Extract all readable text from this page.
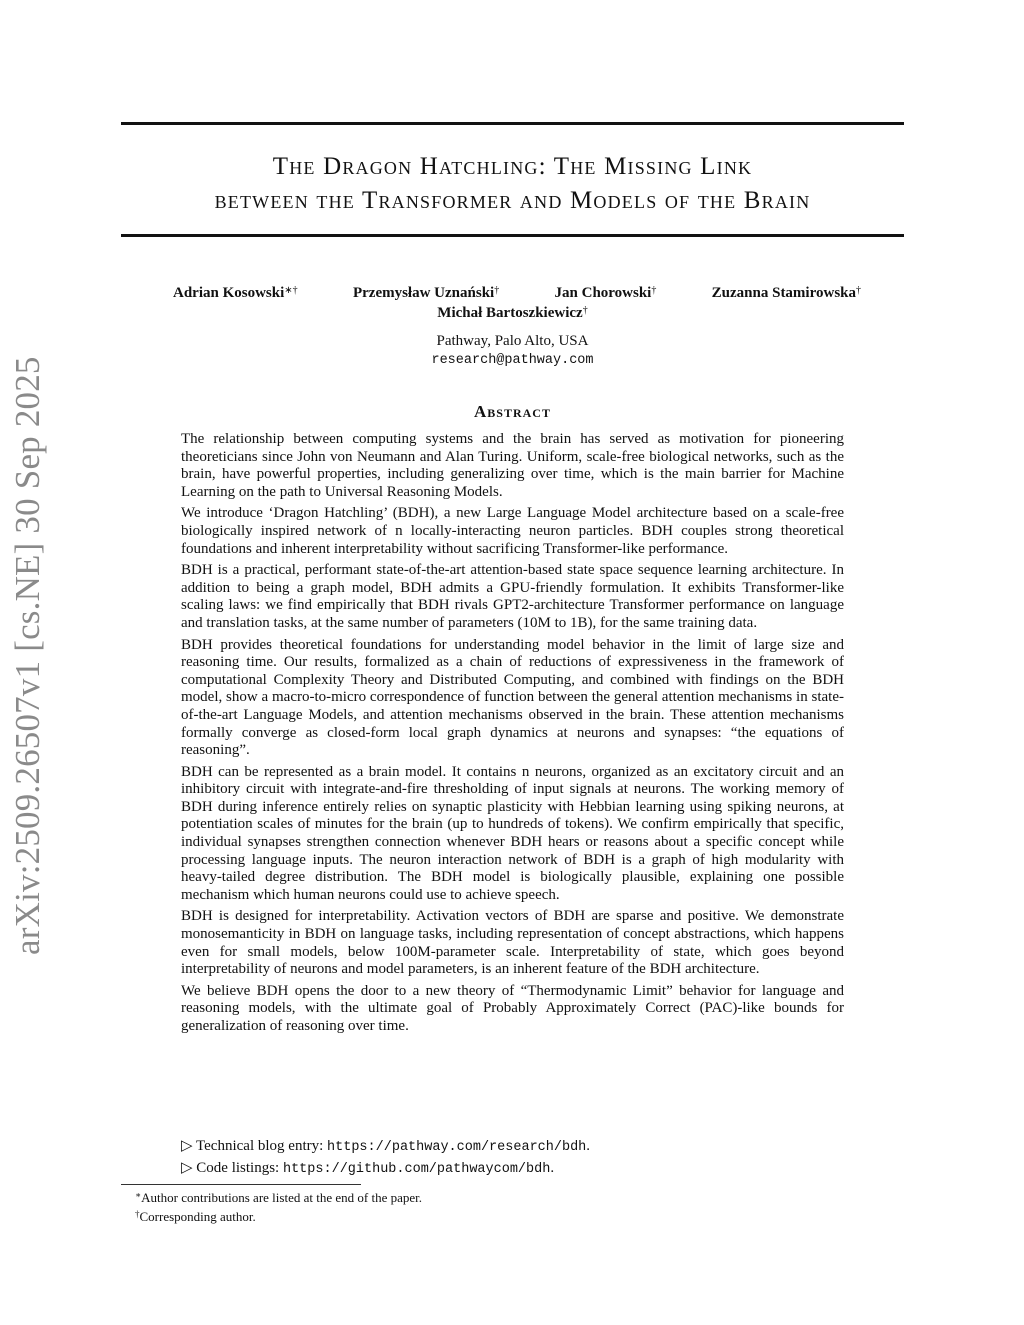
arXiv:2509.26507v1 [cs.NE] 30 Sep 2025
The Dragon Hatchling: The Missing Link
between the Transformer and Models of the Brain
Adrian Kosowski∗†	Przemysław Uznański†	Jan Chorowski†	Zuzanna Stamirowska†
Michał Bartoszkiewicz†
Pathway, Palo Alto, USA
research@pathway.com
Abstract

The relationship between computing systems and the brain has served as motivation for pioneering theoreticians since John von Neumann and Alan Turing. Uniform, scale-free biological networks, such as the brain, have powerful properties, including generalizing over time, which is the main barrier for Machine Learning on the path to Universal Reasoning Models.

We introduce ‘Dragon Hatchling’ (BDH), a new Large Language Model architecture based on a scale-free biologically inspired network of n locally-interacting neuron particles. BDH couples strong theoretical foundations and inherent interpretability without sacrificing Transformer-like performance.

BDH is a practical, performant state-of-the-art attention-based state space sequence learning architecture. In addition to being a graph model, BDH admits a GPU-friendly formulation. It exhibits Transformer-like scaling laws: we find empirically that BDH rivals GPT2-architecture Transformer performance on language and translation tasks, at the same number of parameters (10M to 1B), for the same training data.

BDH provides theoretical foundations for understanding model behavior in the limit of large size and reasoning time. Our results, formalized as a chain of reductions of expressiveness in the framework of computational Complexity Theory and Distributed Computing, and combined with findings on the BDH model, show a macro-to-micro correspondence of function between the general attention mechanisms in state-of-the-art Language Models, and attention mechanisms observed in the brain. These attention mechanisms formally converge as closed-form local graph dynamics at neurons and synapses: “the equations of reasoning”.

BDH can be represented as a brain model. It contains n neurons, organized as an excitatory circuit and an inhibitory circuit with integrate-and-fire thresholding of input signals at neurons. The working memory of BDH during inference entirely relies on synaptic plasticity with Hebbian learning using spiking neurons, at potentiation scales of minutes for the brain (up to hundreds of tokens). We confirm empirically that specific, individual synapses strengthen connection whenever BDH hears or reasons about a specific concept while processing language inputs. The neuron interaction network of BDH is a graph of high modularity with heavy-tailed degree distribution. The BDH model is biologically plausible, explaining one possible mechanism which human neurons could use to achieve speech.

BDH is designed for interpretability. Activation vectors of BDH are sparse and positive. We demonstrate monosemanticity in BDH on language tasks, including representation of concept abstractions, which happens even for small models, below 100M-parameter scale. Interpretability of state, which goes beyond interpretability of neurons and model parameters, is an inherent feature of the BDH architecture.

We believe BDH opens the door to a new theory of “Thermodynamic Limit” behavior for language and reasoning models, with the ultimate goal of Probably Approximately Correct (PAC)-like bounds for generalization of reasoning over time.

▷ Technical blog entry: https://pathway.com/research/bdh.
▷ Code listings: https://github.com/pathwaycom/bdh.
∗Author contributions are listed at the end of the paper.
†Corresponding author.
